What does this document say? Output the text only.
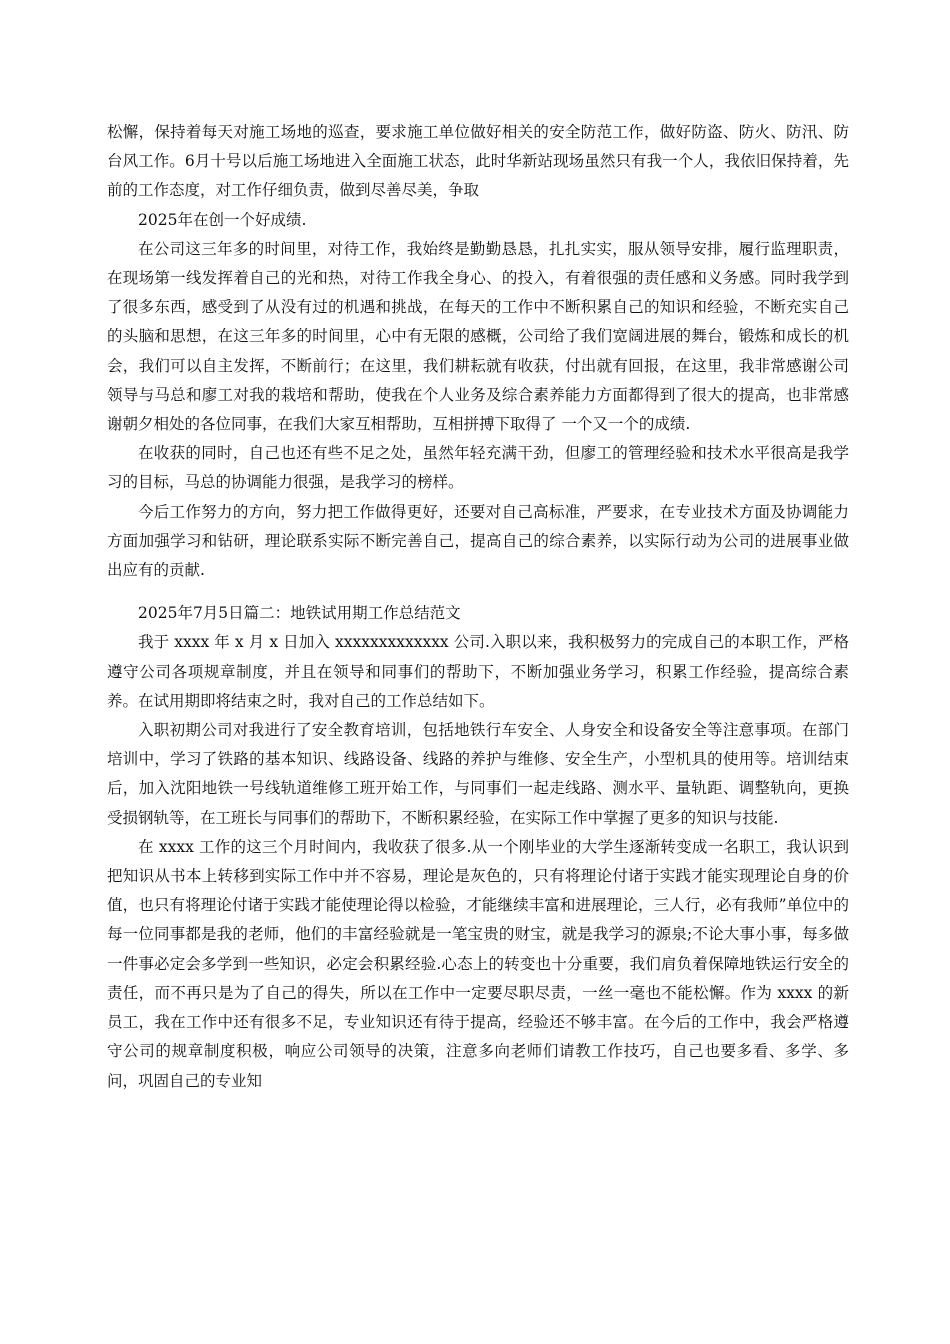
松懈，保持着每天对施工场地的巡查，要求施工单位做好相关的安全防范工作，做好防盗、防火、防汛、防台风工作。6月十号以后施工场地进入全面施工状态，此时华新站现场虽然只有我一个人，我依旧保持着，先前的工作态度，对工作仔细负责，做到尽善尽美，争取

2025年在创一个好成绩.

在公司这三年多的时间里，对待工作，我始终是勤勤恳恳，扎扎实实，服从领导安排，履行监理职责，在现场第一线发挥着自己的光和热，对待工作我全身心、的投入，有着很强的责任感和义务感。同时我学到了很多东西，感受到了从没有过的机遇和挑战，在每天的工作中不断积累自己的知识和经验，不断充实自己的头脑和思想，在这三年多的时间里，心中有无限的感概，公司给了我们宽阔进展的舞台，锻炼和成长的机会，我们可以自主发挥，不断前行；在这里，我们耕耘就有收获，付出就有回报，在这里，我非常感谢公司领导与马总和廖工对我的栽培和帮助，使我在个人业务及综合素养能力方面都得到了很大的提高，也非常感谢朝夕相处的各位同事，在我们大家互相帮助，互相拼搏下取得了 一个又一个的成绩.

在收获的同时，自己也还有些不足之处，虽然年轻充满干劲，但廖工的管理经验和技术水平很高是我学习的目标，马总的协调能力很强，是我学习的榜样。

今后工作努力的方向，努力把工作做得更好，还要对自己高标准，严要求，在专业技术方面及协调能力方面加强学习和钻研，理论联系实际不断完善自己，提高自己的综合素养，以实际行动为公司的进展事业做出应有的贡献.

2025年7月5日篇二：地铁试用期工作总结范文

我于 xxxx 年 x 月 x 日加入 xxxxxxxxxxxxx 公司.入职以来，我积极努力的完成自己的本职工作，严格遵守公司各项规章制度，并且在领导和同事们的帮助下，不断加强业务学习，积累工作经验，提高综合素养。在试用期即将结束之时，我对自己的工作总结如下。

入职初期公司对我进行了安全教育培训，包括地铁行车安全、人身安全和设备安全等注意事项。在部门培训中，学习了铁路的基本知识、线路设备、线路的养护与维修、安全生产，小型机具的使用等。培训结束后，加入沈阳地铁一号线轨道维修工班开始工作，与同事们一起走线路、测水平、量轨距、调整轨向，更换受损钢轨等，在工班长与同事们的帮助下，不断积累经验，在实际工作中掌握了更多的知识与技能.

在 xxxx 工作的这三个月时间内，我收获了很多.从一个刚毕业的大学生逐渐转变成一名职工，我认识到把知识从书本上转移到实际工作中并不容易，理论是灰色的，只有将理论付诸于实践才能实现理论自身的价值，也只有将理论付诸于实践才能使理论得以检验，才能继续丰富和进展理论，三人行，必有我师”单位中的每一位同事都是我的老师，他们的丰富经验就是一笔宝贵的财宝，就是我学习的源泉;不论大事小事，每多做一件事必定会多学到一些知识，必定会积累经验.心态上的转变也十分重要，我们肩负着保障地铁运行安全的责任，而不再只是为了自己的得失，所以在工作中一定要尽职尽责，一丝一毫也不能松懈。作为 xxxx 的新员工，我在工作中还有很多不足，专业知识还有待于提高，经验还不够丰富。在今后的工作中，我会严格遵守公司的规章制度积极，响应公司领导的决策，注意多向老师们请教工作技巧，自己也要多看、多学、多问，巩固自己的专业知
